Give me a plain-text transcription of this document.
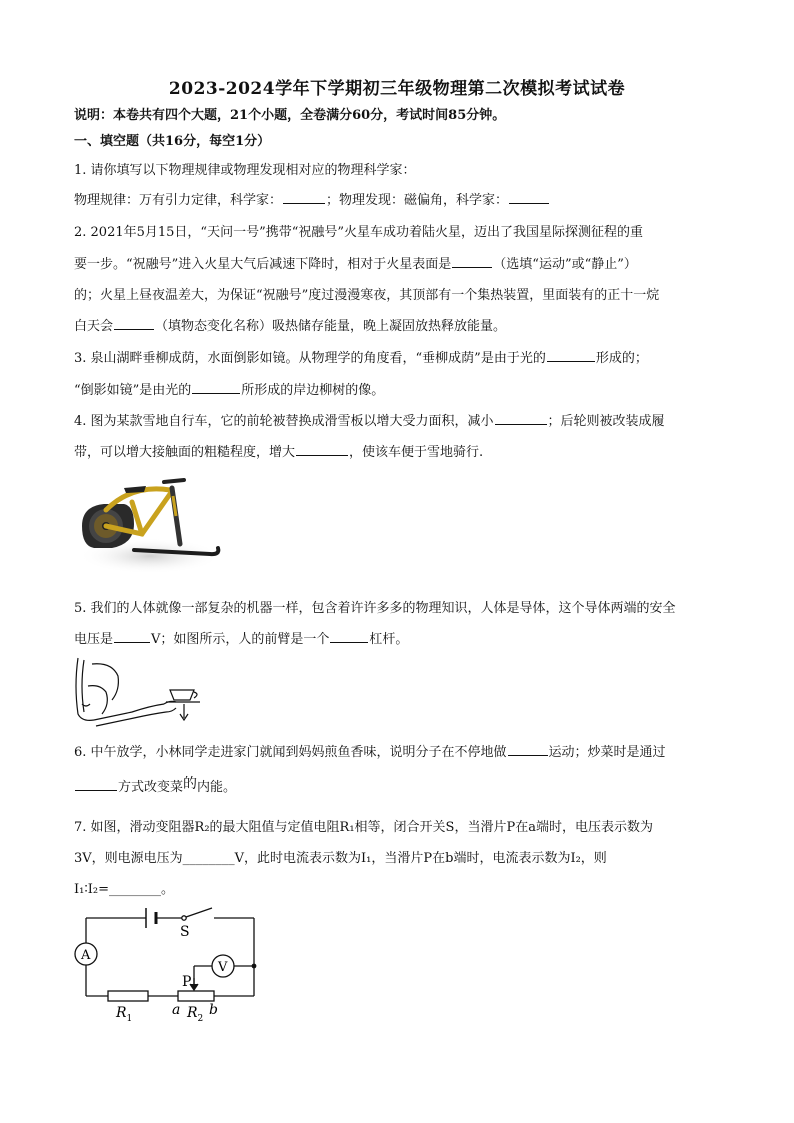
2023-2024学年下学期初三年级物理第二次模拟考试试卷
说明：本卷共有四个大题，21个小题，全卷满分60分，考试时间85分钟。
一、填空题（共16分，每空1分）
1. 请你填写以下物理规律或物理发现相对应的物理科学家：
物理规律：万有引力定律，科学家：	；物理发现：磁偏角，科学家：
2. 2021年5月15日，“天问一号”携带“祝融号”火星车成功着陆火星，迈出了我国星际探测征程的重
要一步。“祝融号”进入火星大气后减速下降时，相对于火星表面是	（选填“运动”或“静止”）
的；火星上昼夜温差大，为保证“祝融号”度过漫漫寒夜，其顶部有一个集热装置，里面装有的正十一烷
白天会	（填物态变化名称）吸热储存能量，晚上凝固放热释放能量。
3. 泉山湖畔垂柳成荫，水面倒影如镜。从物理学的角度看，“垂柳成荫”是由于光的	形成的；
“倒影如镜”是由光的	所形成的岸边柳树的像。
4. 图为某款雪地自行车，它的前轮被替换成滑雪板以增大受力面积，减小	；后轮则被改装成履
带，可以增大接触面的粗糙程度，增大	，使该车便于雪地骑行.
5. 我们的人体就像一部复杂的机器一样，包含着许许多多的物理知识，人体是导体，这个导体两端的安全
电压是	V；如图所示，人的前臂是一个	杠杆。
6. 中午放学，小林同学走进家门就闻到妈妈煎鱼香味，说明分子在不停地做	运动；炒菜时是通过
方式改变菜的内能。
7. 如图，滑动变阻器R₂的最大阻值与定值电阻R₁相等，闭合开关S，当滑片P在a端时，电压表示数为
3V，则电源电压为________V，此时电流表示数为I₁，当滑片P在b端时，电流表示数为I₂，则
I₁∶I₂=________。
S
A
V
$R_1$
P
a $R_2$
b
